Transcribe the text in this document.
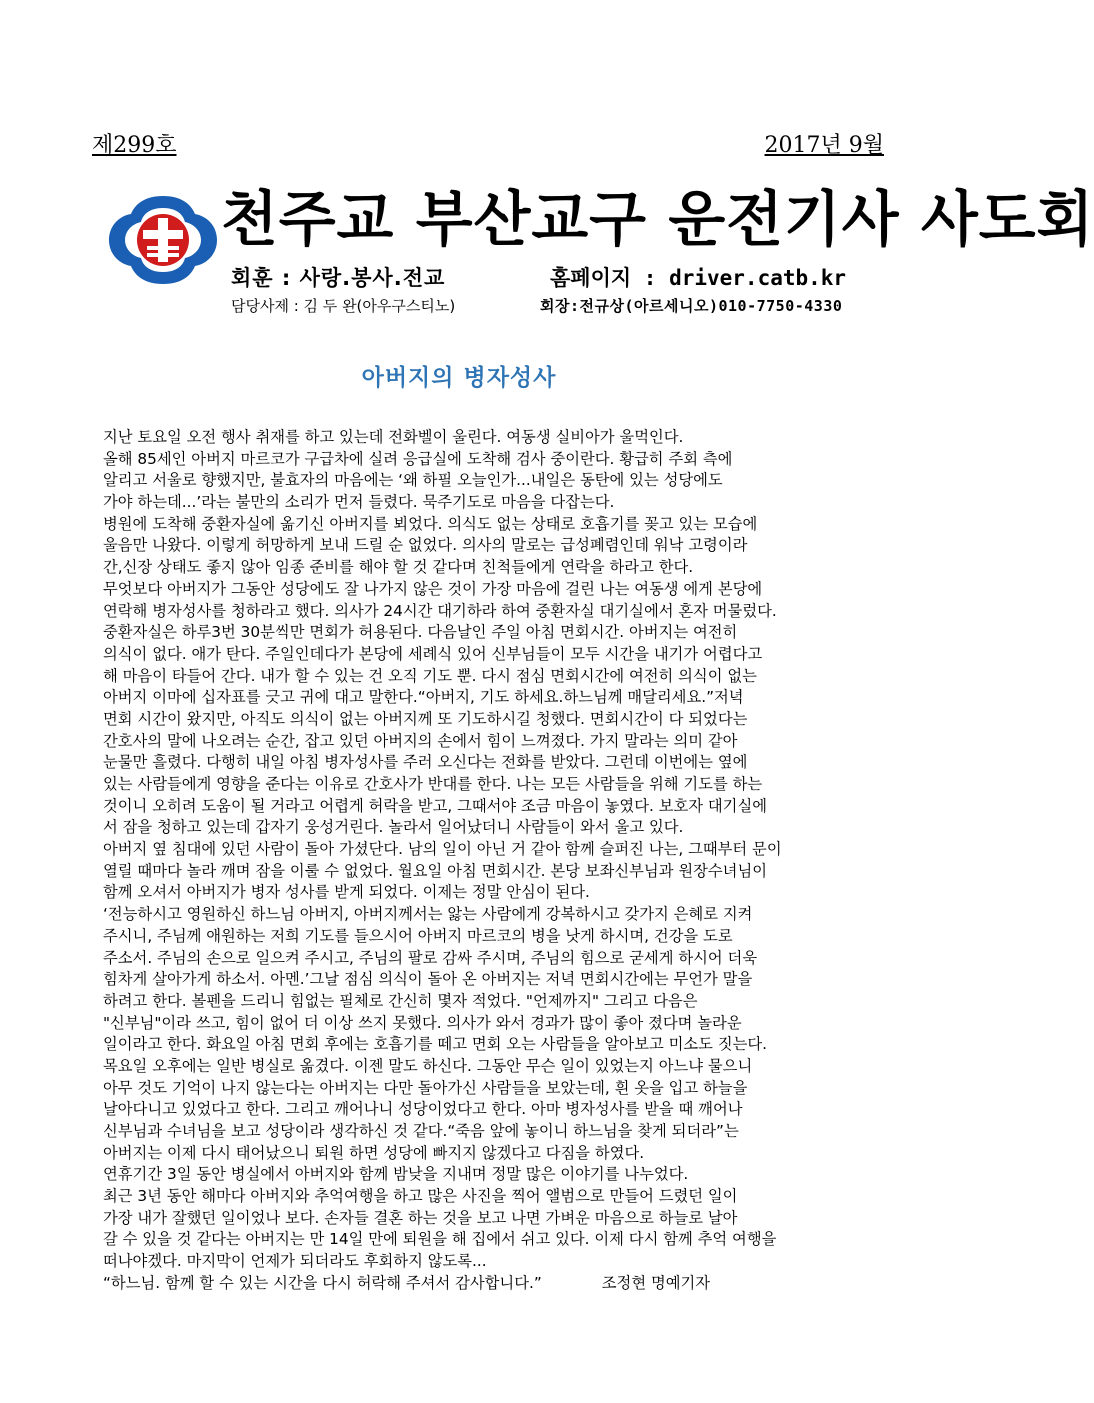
제299호	2017년 9월
천주교 부산교구 운전기사 사도회
회훈 : 사랑.봉사.전교	홈페이지 : driver.catb.kr
담당사제 : 김 두 완(아우구스티노)	회장:전규상(아르세니오)010-7750-4330
아버지의 병자성사
지난 토요일 오전 행사 취재를 하고 있는데 전화벨이 울린다. 여동생 실비아가 울먹인다.
올해 85세인 아버지 마르코가 구급차에 실려 응급실에 도착해 검사 중이란다. 황급히 주회 측에
알리고 서울로 향했지만, 불효자의 마음에는 ‘왜 하필 오늘인가...내일은 동탄에 있는 성당에도
가야 하는데...’라는 불만의 소리가 먼저 들렸다. 묵주기도로 마음을 다잡는다.
병원에 도착해 중환자실에 옮기신 아버지를 뵈었다. 의식도 없는 상태로 호흡기를 꽂고 있는 모습에
울음만 나왔다. 이렇게 허망하게 보내 드릴 순 없었다. 의사의 말로는 급성폐렴인데 워낙 고령이라
간,신장 상태도 좋지 않아 임종 준비를 해야 할 것 같다며 친척들에게 연락을 하라고 한다.
무엇보다 아버지가 그동안 성당에도 잘 나가지 않은 것이 가장 마음에 걸린 나는 여동생 에게 본당에
연락해 병자성사를 청하라고 했다. 의사가 24시간 대기하라 하여 중환자실 대기실에서 혼자 머물렀다.
중환자실은 하루3번 30분씩만 면회가 허용된다. 다음날인 주일 아침 면회시간. 아버지는 여전히
의식이 없다. 애가 탄다. 주일인데다가 본당에 세례식 있어 신부님들이 모두 시간을 내기가 어렵다고
해 마음이 타들어 간다. 내가 할 수 있는 건 오직 기도 뿐. 다시 점심 면회시간에 여전히 의식이 없는
아버지 이마에 십자표를 긋고 귀에 대고 말한다.“아버지, 기도 하세요.하느님께 매달리세요.”저녁
면회 시간이 왔지만, 아직도 의식이 없는 아버지께 또 기도하시길 청했다. 면회시간이 다 되었다는
간호사의 말에 나오려는 순간, 잡고 있던 아버지의 손에서 힘이 느껴졌다. 가지 말라는 의미 같아
눈물만 흘렸다. 다행히 내일 아침 병자성사를 주러 오신다는 전화를 받았다. 그런데 이번에는 옆에
있는 사람들에게 영향을 준다는 이유로 간호사가 반대를 한다. 나는 모든 사람들을 위해 기도를 하는
것이니 오히려 도움이 될 거라고 어렵게 허락을 받고, 그때서야 조금 마음이 놓였다. 보호자 대기실에
서 잠을 청하고 있는데 갑자기 웅성거린다. 놀라서 일어났더니 사람들이 와서 울고 있다.
아버지 옆 침대에 있던 사람이 돌아 가셨단다. 남의 일이 아닌 거 같아 함께 슬퍼진 나는, 그때부터 문이
열릴 때마다 놀라 깨며 잠을 이룰 수 없었다. 월요일 아침 면회시간. 본당 보좌신부님과 원장수녀님이
함께 오셔서 아버지가 병자 성사를 받게 되었다. 이제는 정말 안심이 된다.
‘전능하시고 영원하신 하느님 아버지, 아버지께서는 앓는 사람에게 강복하시고 갖가지 은혜로 지켜
주시니, 주님께 애원하는 저희 기도를 들으시어 아버지 마르코의 병을 낫게 하시며, 건강을 도로
주소서. 주님의 손으로 일으켜 주시고, 주님의 팔로 감싸 주시며, 주님의 힘으로 굳세게 하시어 더욱
힘차게 살아가게 하소서. 아멘.’그날 점심 의식이 돌아 온 아버지는 저녁 면회시간에는 무언가 말을
하려고 한다. 볼펜을 드리니 힘없는 필체로 간신히 몇자 적었다. "언제까지" 그리고 다음은
"신부님"이라 쓰고, 힘이 없어 더 이상 쓰지 못했다. 의사가 와서 경과가 많이 좋아 졌다며 놀라운
일이라고 한다. 화요일 아침 면회 후에는 호흡기를 떼고 면회 오는 사람들을 알아보고 미소도 짓는다.
목요일 오후에는 일반 병실로 옮겼다. 이젠 말도 하신다. 그동안 무슨 일이 있었는지 아느냐 물으니
아무 것도 기억이 나지 않는다는 아버지는 다만 돌아가신 사람들을 보았는데, 흰 옷을 입고 하늘을
날아다니고 있었다고 한다. 그리고 깨어나니 성당이었다고 한다. 아마 병자성사를 받을 때 깨어나
신부님과 수녀님을 보고 성당이라 생각하신 것 같다.“죽음 앞에 놓이니 하느님을 찾게 되더라”는
아버지는 이제 다시 태어났으니 퇴원 하면 성당에 빠지지 않겠다고 다짐을 하였다.
연휴기간 3일 동안 병실에서 아버지와 함께 밤낮을 지내며 정말 많은 이야기를 나누었다.
최근 3년 동안 해마다 아버지와 추억여행을 하고 많은 사진을 찍어 앨범으로 만들어 드렸던 일이
가장 내가 잘했던 일이었나 보다. 손자들 결혼 하는 것을 보고 나면 가벼운 마음으로 하늘로 날아
갈 수 있을 것 같다는 아버지는 만 14일 만에 퇴원을 해 집에서 쉬고 있다. 이제 다시 함께 추억 여행을
떠나야겠다. 마지막이 언제가 되더라도 후회하지 않도록...
“하느님. 함께 할 수 있는 시간을 다시 허락해 주셔서 감사합니다.”	조정현 명예기자
